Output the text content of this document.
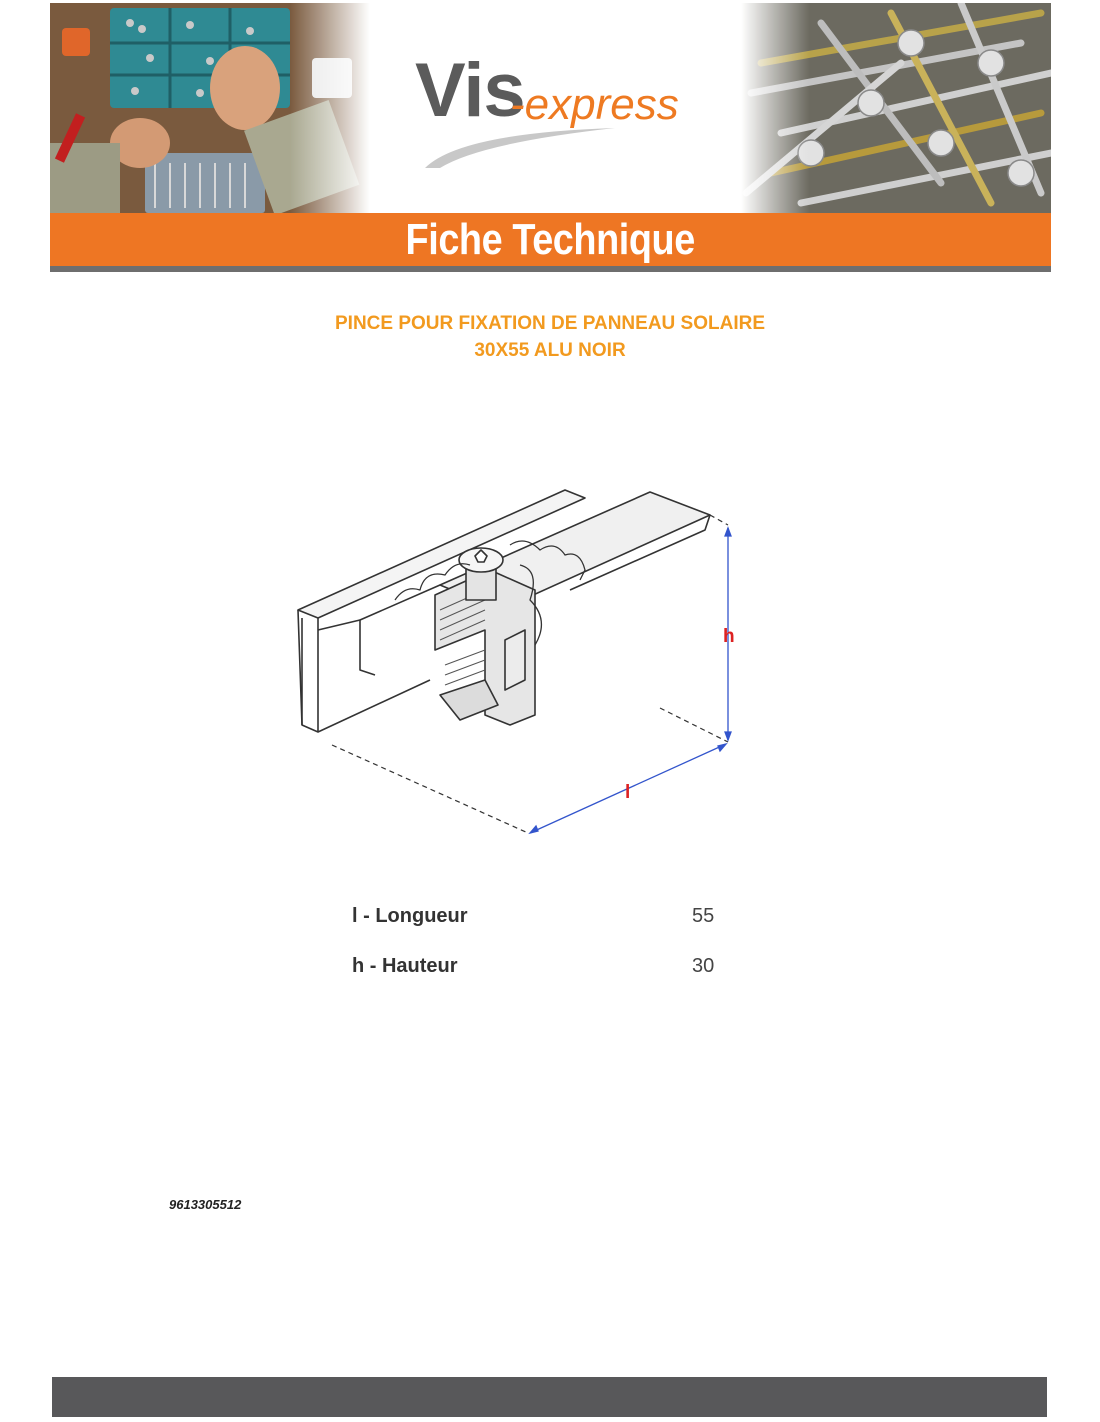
Vis
-express
Fiche Technique
PINCE POUR FIXATION DE PANNEAU SOLAIRE
30X55 ALU NOIR
h
l
l - Longueur	55
h - Hauteur	30
9613305512
